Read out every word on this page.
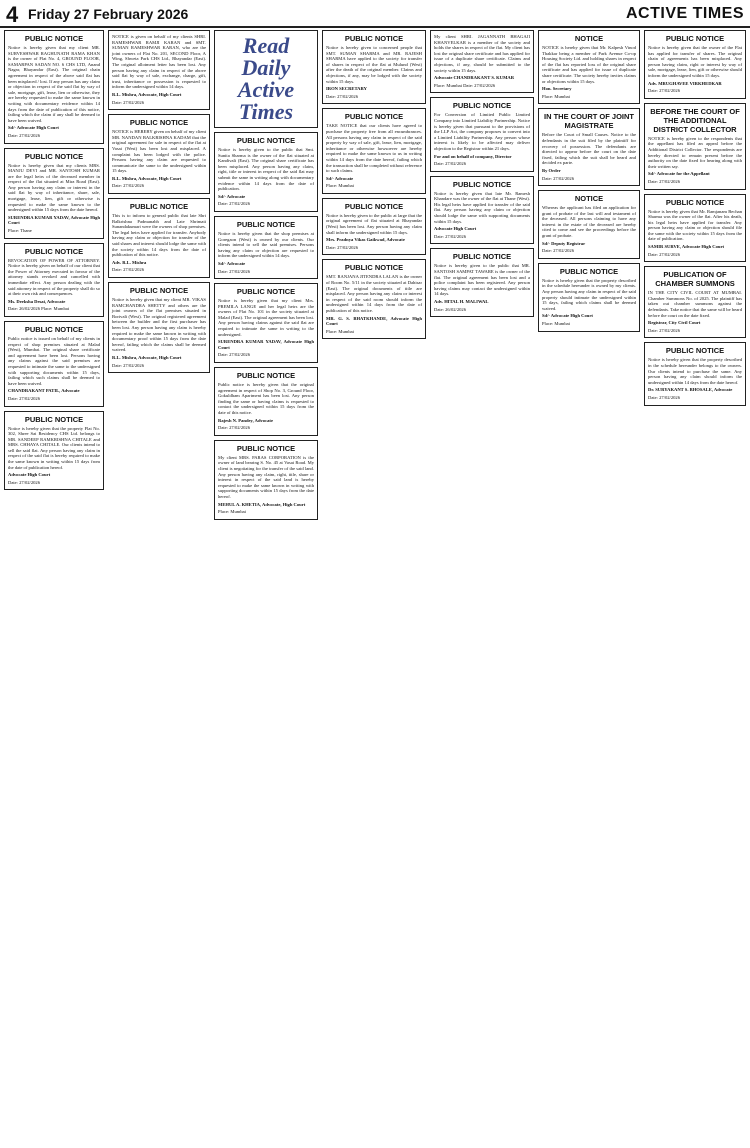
4 Friday 27 February 2026	ACTIVE TIMES
PUBLIC NOTICE

Notice is hereby given that my client MR. SURVESHWAR RAGHUNATH RAMA KHAN is the owner of Flat No. 4, GROUND FLOOR, SAMARPAN SADAN NO. 6 CHS LTD, Anand Nagar, Bhayandar (East). The original chain agreement in respect of the above said flat has been misplaced / lost. If any person has any claim or objection in respect of the said flat by way of sale, mortgage, gift, lease, lien or otherwise, they are hereby requested to make the same known in writing with documentary evidence within 14 days from the date of publication of this notice, failing which the claim if any shall be deemed to have been waived.

Sd/- Advocate High Court

Date: 27/02/2026

PUBLIC NOTICE

Notice is hereby given that my clients MRS. MANJU DEVI and MR. SANTOSH KUMAR are the legal heirs of the deceased member in respect of the flat situated at Mira Road (East). Any person having any claim or interest in the said flat by way of inheritance, share, sale, mortgage, lease, lien, gift or otherwise is requested to make the same known to the undersigned within 15 days from the date hereof.

SURENDRA KUMAR YADAV, Advocate High Court

Place: Thane

PUBLIC NOTICE

REVOCATION OF POWER OF ATTORNEY. Notice is hereby given on behalf of our client that the Power of Attorney executed in favour of the attorney stands revoked and cancelled with immediate effect. Any person dealing with the said attorney in respect of the property shall do so at their own risk and consequences.

Ms. Deeksha Desai, Advocate

Date: 26/02/2026 Place: Mumbai

PUBLIC NOTICE

Public notice is issued on behalf of my clients in respect of shop premises situated at Malad (West), Mumbai. The original share certificate and agreement have been lost. Persons having any claims against the said premises are requested to intimate the same to the undersigned with supporting documents within 15 days, failing which such claims shall be deemed to have been waived.

CHANDRAKANT PATIL, Advocate

Date: 27/02/2026

PUBLIC NOTICE

Notice is hereby given that the property Flat No. 302, Shree Sai Residency CHS Ltd. belongs to MR. SANDEEP RAMKRISHNA CHITALE and MRS. CHHAYA CHITALE. Our clients intend to sell the said flat. Any person having any claim in respect of the said flat is hereby required to make the same known in writing within 15 days from the date of publication hereof.

Advocate High Court

Date: 27/02/2026

NOTICE is given on behalf of my clients SHRI. RAMESHWAR RAMJI KARAN and SMT. SUMAN RAMESHWAR KARAN, who are the joint owners of Flat No. 201, SECOND Floor, A Wing, Shweta Park CHS Ltd., Bhayandar (East). The original allotment letter has been lost. Any person having any claim in respect of the above said flat by way of sale, exchange, charge, gift, trust, inheritance or possession is requested to inform the undersigned within 14 days.

R.L. Mishra, Advocate, High Court

Date: 27/02/2026

PUBLIC NOTICE

NOTICE is HEREBY given on behalf of my client MR. NANDAN BALKRISHNA KADAM that the original agreement for sale in respect of the flat at Vasai (West) has been lost and misplaced. A complaint has been lodged with the police. Persons having any claim are requested to communicate the same to the undersigned within 15 days.

R.L. Mishra, Advocate, High Court

Date: 27/02/2026

PUBLIC NOTICE

This is to inform to general public that late Shri Balkrishna Padmanabh and Late Shrimati Sunandakumari were the owners of shop premises. The legal heirs have applied for transfer. Anybody having any claim or objection for transfer of the said shares and interest should lodge the same with the society within 14 days from the date of publication of this notice.

Adv. R.L. Mishra

Date: 27/02/2026

PUBLIC NOTICE

Notice is hereby given that my client MR. VIKAS RAMCHANDRA SHETTY and others are the joint owners of the flat premises situated in Borivali (West). The original registered agreement between the builder and the first purchaser has been lost. Any person having any claim is hereby required to make the same known in writing with documentary proof within 15 days from the date hereof, failing which the claims shall be deemed waived.

R.L. Mishra, Advocate, High Court

Date: 27/02/2026

Read
Daily
Active
Times
PUBLIC NOTICE

Notice is hereby given to the public that Smt. Sunita Sharma is the owner of the flat situated at Kandivali (East). The original share certificate has been misplaced. Any person having any claim, right, title or interest in respect of the said flat may submit the same in writing along with documentary evidence within 14 days from the date of publication.

Sd/- Advocate

Date: 27/02/2026

PUBLIC NOTICE

Notice is hereby given that the shop premises at Goregaon (West) is owned by our clients. Our clients intend to sell the said premises. Persons having any claim or objection are requested to inform the undersigned within 14 days.

Sd/- Advocate

Date: 27/02/2026

PUBLIC NOTICE

Notice is hereby given that my client Mrs. PREMILA LANGE and her legal heirs are the owners of Flat No. 101 in the society situated at Malad (East). The original agreement has been lost. Any person having claims against the said flat are required to intimate the same in writing to the undersigned.

SURENDRA KUMAR YADAV, Advocate High Court

Date: 27/02/2026

PUBLIC NOTICE

Public notice is hereby given that the original agreement in respect of Shop No. 3, Ground Floor, Gokuldham Apartment has been lost. Any person finding the same or having claims is requested to contact the undersigned within 15 days from the date of this notice.

Rajesh N. Pandey, Advocate

Date: 27/02/2026

PUBLIC NOTICE

My client MRS. PARAS CORPORATION is the owner of land bearing S. No. 45 at Vasai Road. My client is negotiating for the transfer of the said land. Any person having any claim, right, title, share or interest in respect of the said land is hereby requested to make the same known in writing with supporting documents within 15 days from the date hereof.

MEHUL A. KHETIA, Advocate, High Court

Place: Mumbai

PUBLIC NOTICE

Notice is hereby given to concerned people that SMT. SUMAN SHARMA and MR. RAJESH SHARMA have applied to the society for transfer of shares in respect of the flat at Mulund (West) after the death of the original member. Claims and objections, if any, may be lodged with the society within 15 days.

IRON SECRETARY

Date: 27/02/2026

PUBLIC NOTICE

TAKE NOTICE that our clients have agreed to purchase the property free from all encumbrances. All persons having any claim in respect of the said property by way of sale, gift, lease, lien, mortgage, inheritance or otherwise howsoever are hereby required to make the same known to us in writing within 14 days from the date hereof, failing which the transaction shall be completed without reference to such claims.

Sd/- Advocate

Place: Mumbai

PUBLIC NOTICE

Notice is hereby given to the public at large that the original agreement of flat situated at Bhayandar (West) has been lost. Any person having any claim shall inform the undersigned within 15 days.

Mrs. Pradnya Vikas Gaikwad, Advocate

Date: 27/02/2026

PUBLIC NOTICE

SMT. RANJANA JITENDRA LALAN is the owner of Room No. 5/11 in the society situated at Dahisar (East). The original documents of title are misplaced. Any person having any claim or interest in respect of the said room should inform the undersigned within 14 days from the date of publication of this notice.

MR. G. S. BHATKHANDE, Advocate High Court

Place: Mumbai

My client SHRI. JAGANNATH BHAGAJI KHANVELKAR is a member of the society and holds the shares in respect of the flat. My client has lost the original share certificate and has applied for issue of a duplicate share certificate. Claims and objections, if any, should be submitted to the society within 15 days.

Advocate CHANDRAKANT S. KUMAR

Place: Mumbai Date: 27/02/2026

PUBLIC NOTICE

For Conversion of Limited Public Limited Company into Limited Liability Partnership. Notice is hereby given that pursuant to the provisions of the LLP Act, the company proposes to convert into a Limited Liability Partnership. Any person whose interest is likely to be affected may deliver objection to the Registrar within 21 days.

For and on behalf of company, Director

Date: 27/02/2026

PUBLIC NOTICE

Notice is hereby given that late Mr. Ramesh Khandare was the owner of the flat at Thane (West). His legal heirs have applied for transfer of the said flat. Any person having any claim or objection should lodge the same with supporting documents within 15 days.

Advocate High Court

Date: 27/02/2026

PUBLIC NOTICE

Notice is hereby given to the public that MR. SANTOSH SAMPAT TAWARE is the owner of the flat. The original agreement has been lost and a police complaint has been registered. Any person having claims may contact the undersigned within 14 days.

Adv. HITAL H. MALIWAL

Date: 26/02/2026

NOTICE

NOTICE is hereby given that Mr. Kalpesh Vinod Thakkar being a member of Park Avenue Co-op Housing Society Ltd. and holding shares in respect of the flat has reported loss of the original share certificate and has applied for issue of duplicate share certificate. The society hereby invites claims or objections within 15 days.

Hon. Secretary

Place: Mumbai

IN THE COURT OF JOINT MAGISTRATE

Before the Court of Small Causes. Notice to the defendants in the suit filed by the plaintiff for recovery of possession. The defendants are directed to appear before the court on the date fixed, failing which the suit shall be heard and decided ex parte.

By Order

Date: 27/02/2026

NOTICE

Whereas the applicant has filed an application for grant of probate of the last will and testament of the deceased. All persons claiming to have any interest in the estate of the deceased are hereby cited to come and see the proceedings before the grant of probate.

Sd/- Deputy Registrar

Date: 27/02/2026

PUBLIC NOTICE

Notice is hereby given that the property described in the schedule hereunder is owned by my clients. Any person having any claim in respect of the said property should intimate the undersigned within 15 days, failing which claims shall be deemed waived.

Sd/- Advocate High Court

Place: Mumbai

PUBLIC NOTICE

Notice is hereby given that the owner of the Flat has applied for transfer of shares. The original chain of agreements has been misplaced. Any person having claim, right or interest by way of sale, mortgage, lease, lien, gift or otherwise should inform the undersigned within 15 days.

Adv. MRUGHAVEE VIRKHEDKAR

Date: 27/02/2026

BEFORE THE COURT OF THE ADDITIONAL DISTRICT COLLECTOR

NOTICE is hereby given to the respondents that the appellant has filed an appeal before the Additional District Collector. The respondents are hereby directed to remain present before the authority on the date fixed for hearing along with their written say.

Sd/- Advocate for the Appellant

Date: 27/02/2026

PUBLIC NOTICE

Notice is hereby given that Mr. Ramjanam Bechan Sharma was the owner of the flat. After his death, his legal heirs have applied for transfer. Any person having any claim or objection should file the same with the society within 15 days from the date of publication.

SAMIR SURVE, Advocate High Court

Date: 27/02/2026

PUBLICATION OF CHAMBER SUMMONS

IN THE CITY CIVIL COURT AT MUMBAI. Chamber Summons No. of 2025. The plaintiff has taken out chamber summons against the defendants. Take notice that the same will be heard before the court on the date fixed.

Registrar, City Civil Court

Date: 27/02/2026

PUBLIC NOTICE

Notice is hereby given that the property described in the schedule hereunder belongs to the owners. Our clients intend to purchase the same. Any person having any claim should inform the undersigned within 14 days from the date hereof.

Dr. SURYAKANT S. BHOSALE, Advocate

Date: 27/02/2026
